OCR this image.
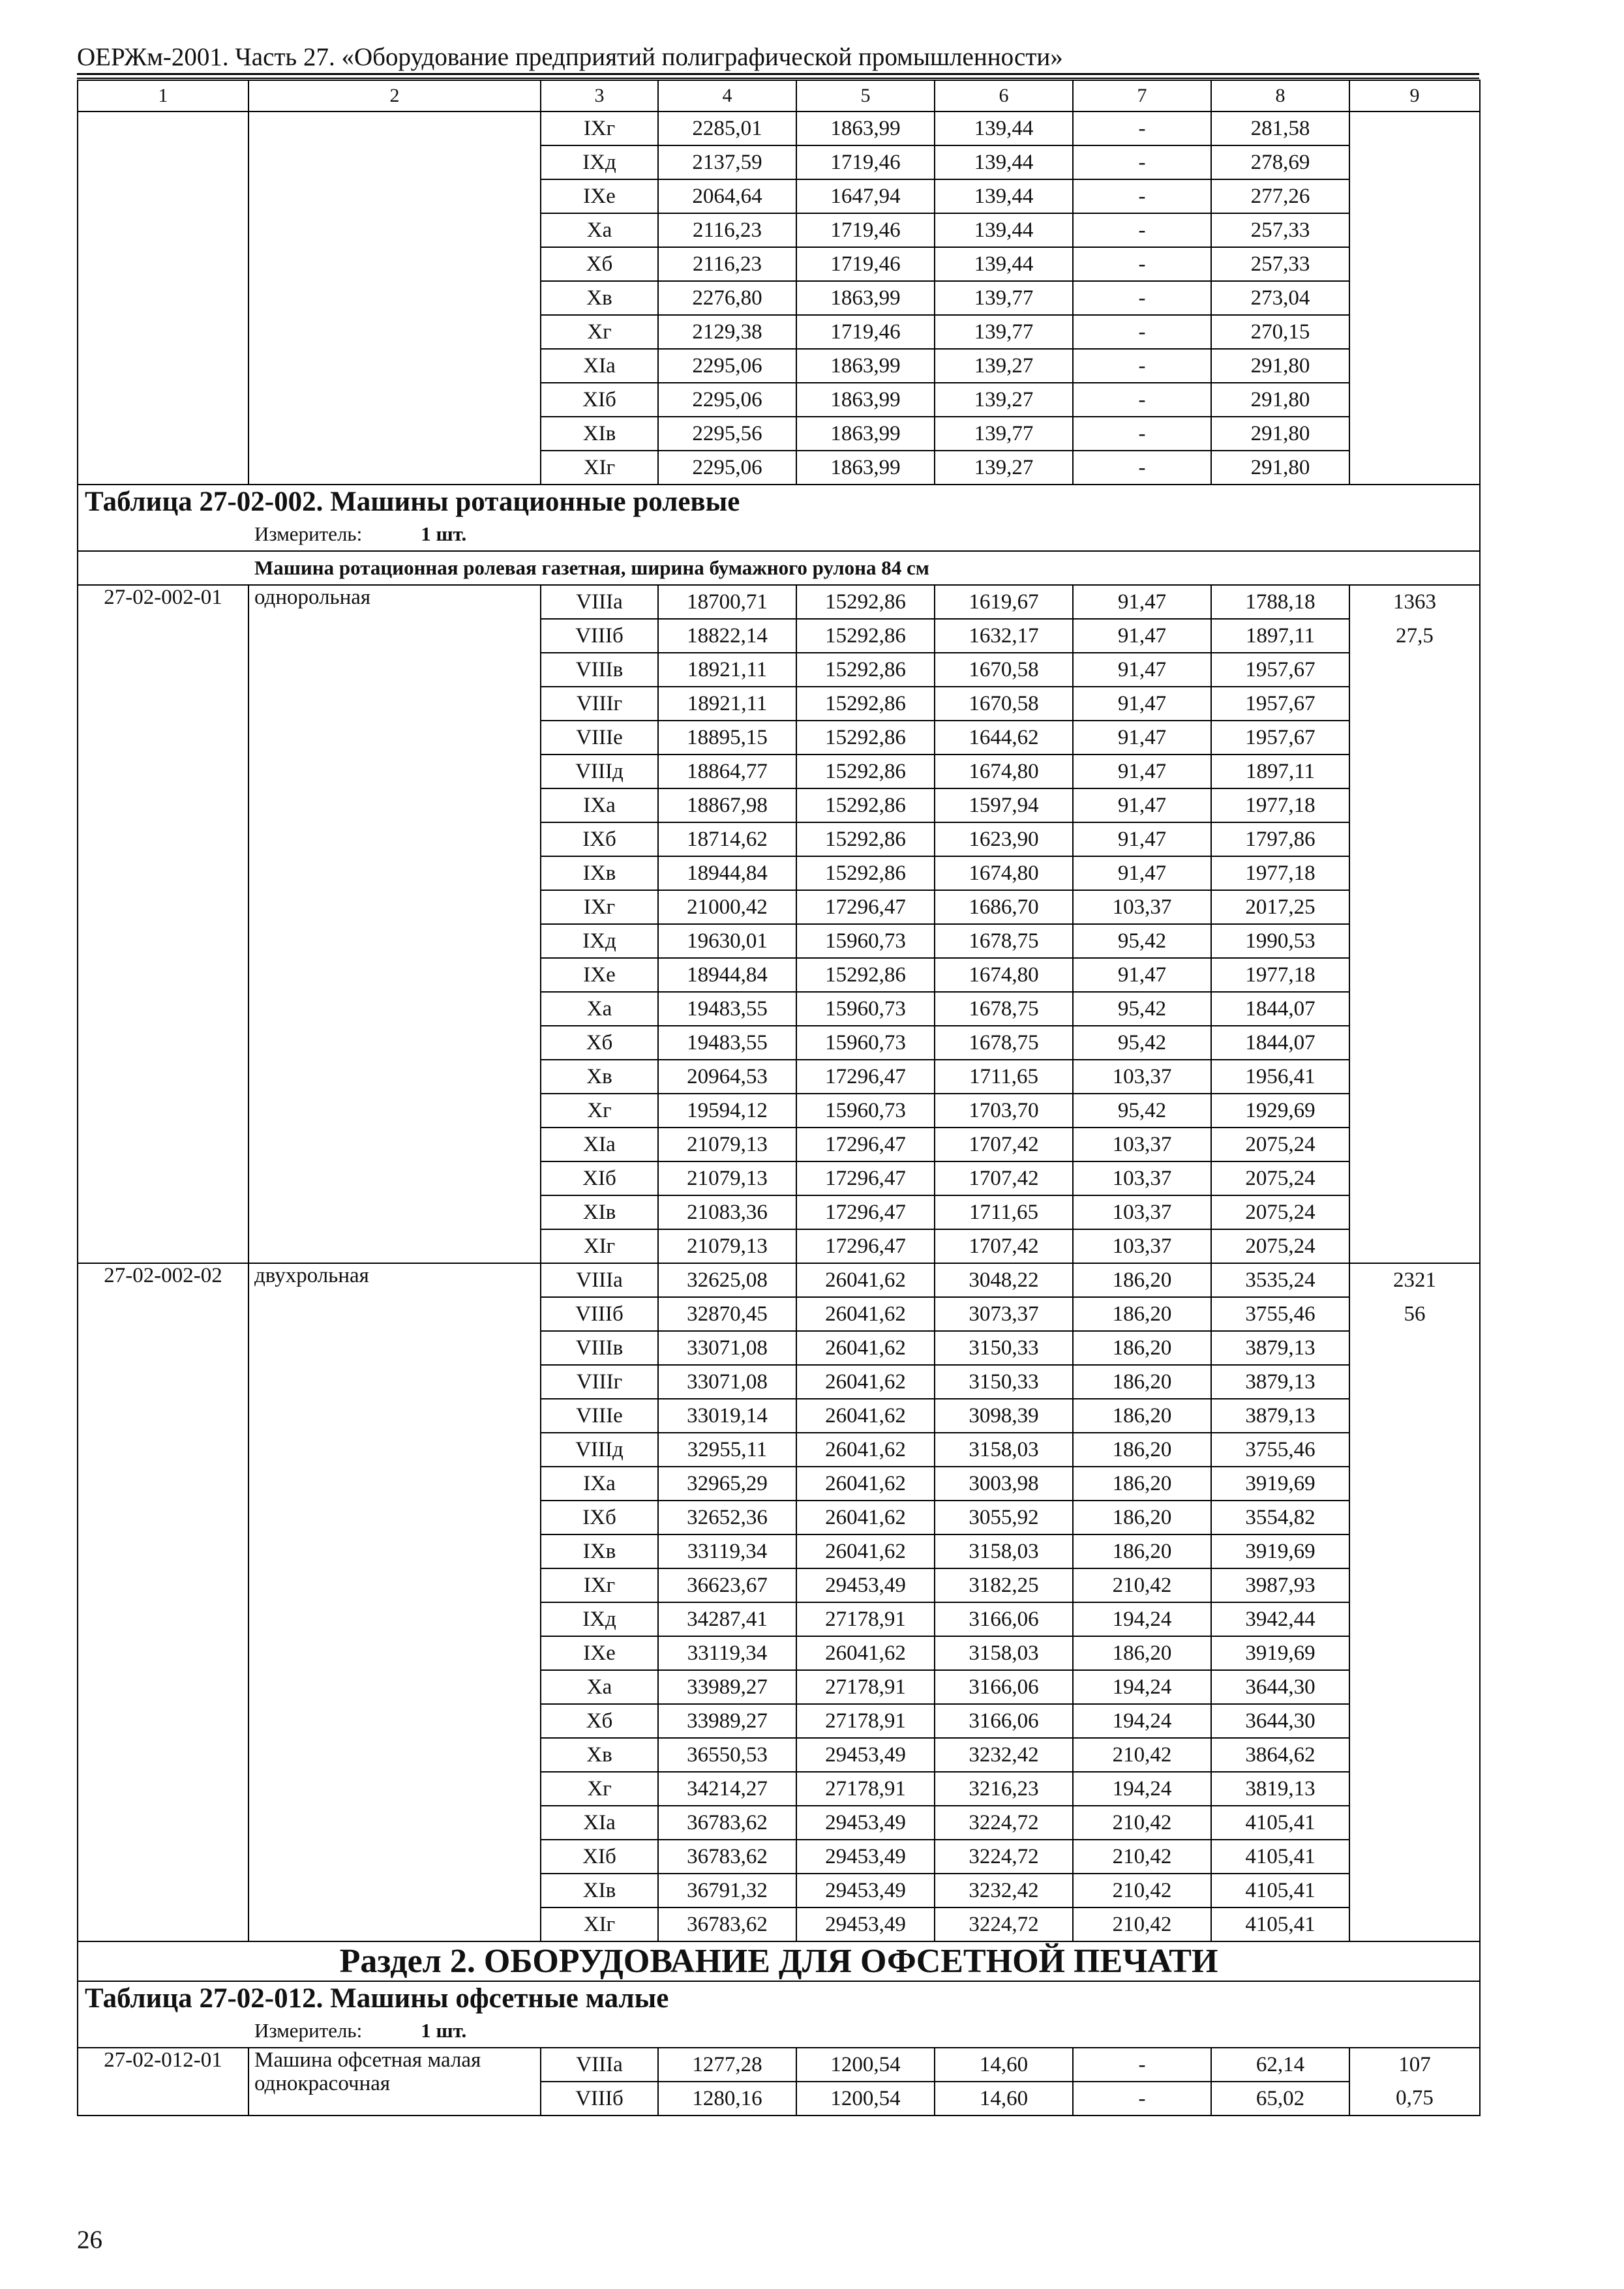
ОЕРЖм-2001. Часть 27. «Оборудование предприятий полиграфической промышленности»
1	2	3	4	5	6	7	8	9
		IXг	2285,01	1863,99	139,44	-	281,58	
		IXд	2137,59	1719,46	139,44	-	278,69	
		IXе	2064,64	1647,94	139,44	-	277,26	
		Xа	2116,23	1719,46	139,44	-	257,33	
		Xб	2116,23	1719,46	139,44	-	257,33	
		Xв	2276,80	1863,99	139,77	-	273,04	
		Xг	2129,38	1719,46	139,77	-	270,15	
		XIа	2295,06	1863,99	139,27	-	291,80	
		XIб	2295,06	1863,99	139,27	-	291,80	
		XIв	2295,56	1863,99	139,77	-	291,80	
		XIг	2295,06	1863,99	139,27	-	291,80	
Таблица 27-02-002. Машины ротационные ролевые								
Измеритель: 1 шт.								
Машина ротационная ролевая газетная, ширина бумажного рулона 84 см								
27-02-002-01	однорольная	VIIIа	18700,71	15292,86	1619,67	91,47	1788,18	1363
		VIIIб	18822,14	15292,86	1632,17	91,47	1897,11	27,5
		VIIIв	18921,11	15292,86	1670,58	91,47	1957,67	
		VIIIг	18921,11	15292,86	1670,58	91,47	1957,67	
		VIIIе	18895,15	15292,86	1644,62	91,47	1957,67	
		VIIIд	18864,77	15292,86	1674,80	91,47	1897,11	
		IXа	18867,98	15292,86	1597,94	91,47	1977,18	
		IXб	18714,62	15292,86	1623,90	91,47	1797,86	
		IXв	18944,84	15292,86	1674,80	91,47	1977,18	
		IXг	21000,42	17296,47	1686,70	103,37	2017,25	
		IXд	19630,01	15960,73	1678,75	95,42	1990,53	
		IXе	18944,84	15292,86	1674,80	91,47	1977,18	
		Xа	19483,55	15960,73	1678,75	95,42	1844,07	
		Xб	19483,55	15960,73	1678,75	95,42	1844,07	
		Xв	20964,53	17296,47	1711,65	103,37	1956,41	
		Xг	19594,12	15960,73	1703,70	95,42	1929,69	
		XIа	21079,13	17296,47	1707,42	103,37	2075,24	
		XIб	21079,13	17296,47	1707,42	103,37	2075,24	
		XIв	21083,36	17296,47	1711,65	103,37	2075,24	
		XIг	21079,13	17296,47	1707,42	103,37	2075,24	
27-02-002-02	двухрольная	VIIIа	32625,08	26041,62	3048,22	186,20	3535,24	2321
		VIIIб	32870,45	26041,62	3073,37	186,20	3755,46	56
		VIIIв	33071,08	26041,62	3150,33	186,20	3879,13	
		VIIIг	33071,08	26041,62	3150,33	186,20	3879,13	
		VIIIе	33019,14	26041,62	3098,39	186,20	3879,13	
		VIIIд	32955,11	26041,62	3158,03	186,20	3755,46	
		IXа	32965,29	26041,62	3003,98	186,20	3919,69	
		IXб	32652,36	26041,62	3055,92	186,20	3554,82	
		IXв	33119,34	26041,62	3158,03	186,20	3919,69	
		IXг	36623,67	29453,49	3182,25	210,42	3987,93	
		IXд	34287,41	27178,91	3166,06	194,24	3942,44	
		IXе	33119,34	26041,62	3158,03	186,20	3919,69	
		Xа	33989,27	27178,91	3166,06	194,24	3644,30	
		Xб	33989,27	27178,91	3166,06	194,24	3644,30	
		Xв	36550,53	29453,49	3232,42	210,42	3864,62	
		Xг	34214,27	27178,91	3216,23	194,24	3819,13	
		XIа	36783,62	29453,49	3224,72	210,42	4105,41	
		XIб	36783,62	29453,49	3224,72	210,42	4105,41	
		XIв	36791,32	29453,49	3232,42	210,42	4105,41	
		XIг	36783,62	29453,49	3224,72	210,42	4105,41	
Раздел 2. ОБОРУДОВАНИЕ ДЛЯ ОФСЕТНОЙ ПЕЧАТИ								
Таблица 27-02-012. Машины офсетные малые								
Измеритель: 1 шт.								
27-02-012-01	Машина офсетная малая однокрасочная	VIIIа	1277,28	1200,54	14,60	-	62,14	107
		VIIIб	1280,16	1200,54	14,60	-	65,02	0,75
26
